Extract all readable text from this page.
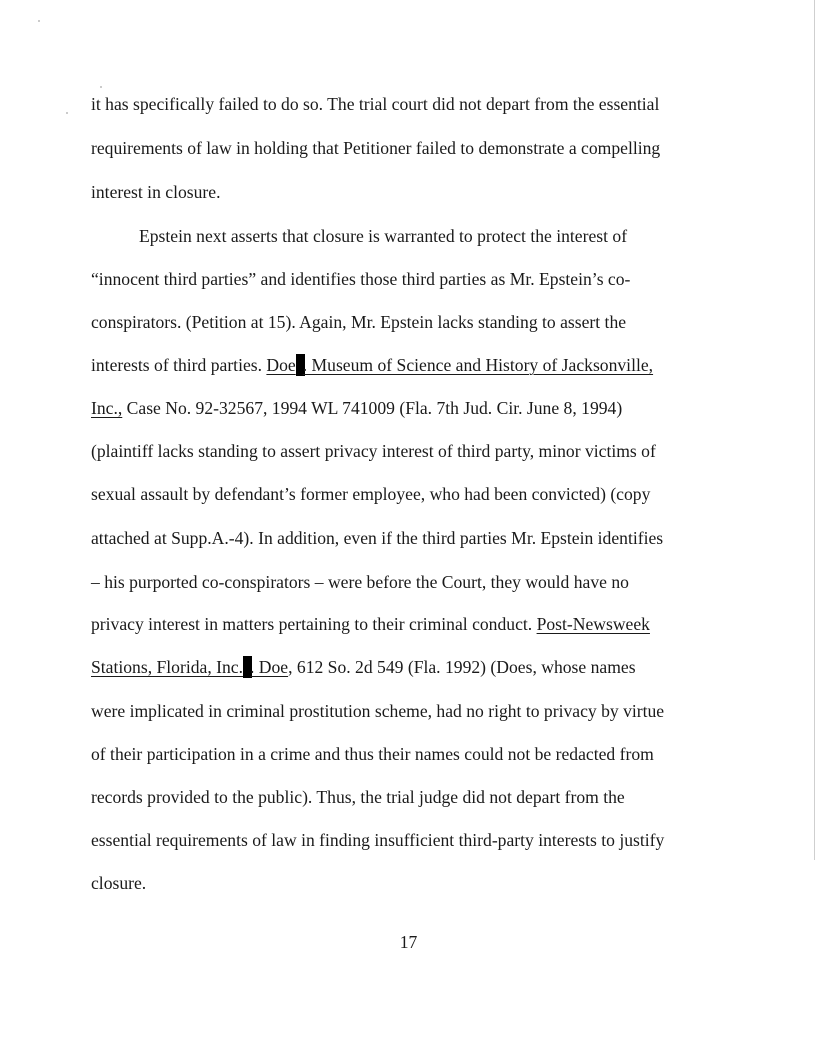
it has specifically failed to do so. The trial court did not depart from the essential
requirements of law in holding that Petitioner failed to demonstrate a compelling
interest in closure.
Epstein next asserts that closure is warranted to protect the interest of
“innocent third parties” and identifies those third parties as Mr. Epstein’s co-
conspirators. (Petition at 15). Again, Mr. Epstein lacks standing to assert the
interests of third parties. Doe . Museum of Science and History of Jacksonville,
Inc., Case No. 92-32567, 1994 WL 741009 (Fla. 7th Jud. Cir. June 8, 1994)
(plaintiff lacks standing to assert privacy interest of third party, minor victims of
sexual assault by defendant’s former employee, who had been convicted) (copy
attached at Supp.A.-4). In addition, even if the third parties Mr. Epstein identifies
– his purported co-conspirators – were before the Court, they would have no
privacy interest in matters pertaining to their criminal conduct. Post-Newsweek
Stations, Florida, Inc. . Doe, 612 So. 2d 549 (Fla. 1992) (Does, whose names
were implicated in criminal prostitution scheme, had no right to privacy by virtue
of their participation in a crime and thus their names could not be redacted from
records provided to the public). Thus, the trial judge did not depart from the
essential requirements of law in finding insufficient third-party interests to justify
closure.
17
